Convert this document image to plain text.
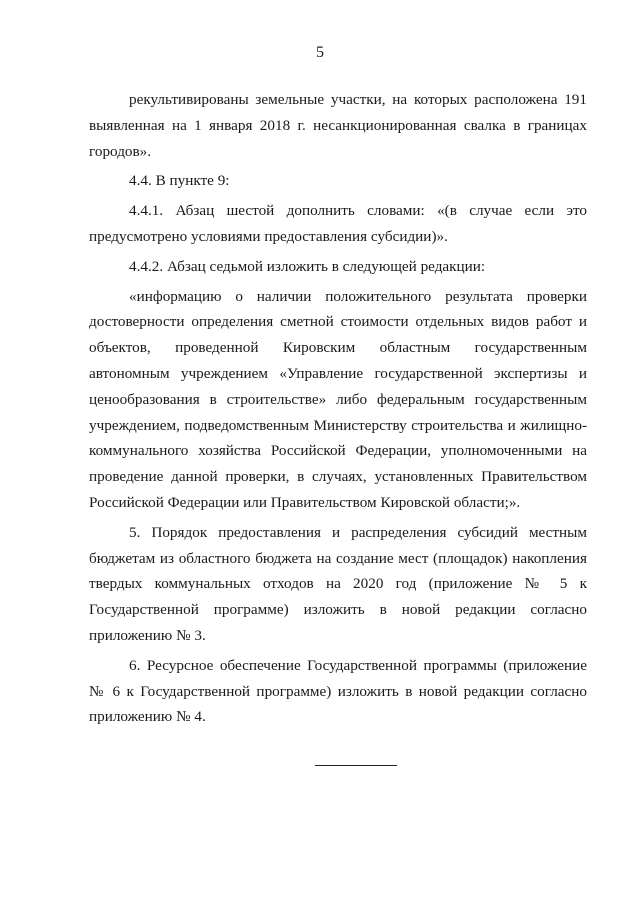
5

рекультивированы земельные участки, на которых расположена 191 выявленная на 1 января 2018 г. несанкционированная свалка в границах городов».

4.4. В пункте 9:

4.4.1. Абзац шестой дополнить словами: «(в случае если это предусмотрено условиями предоставления субсидии)».

4.4.2. Абзац седьмой изложить в следующей редакции:

«информацию о наличии положительного результата проверки достоверности определения сметной стоимости отдельных видов работ и объектов, проведенной Кировским областным государственным автономным учреждением «Управление государственной экспертизы и ценообразования в строительстве» либо федеральным государственным учреждением, подведомственным Министерству строительства и жилищно-коммунального хозяйства Российской Федерации, уполномоченными на проведение данной проверки, в случаях, установленных Правительством Российской Федерации или Правительством Кировской области;».

5. Порядок предоставления и распределения субсидий местным бюджетам из областного бюджета на создание мест (площадок) накопления твердых коммунальных отходов на 2020 год (приложение № 5 к Государственной программе) изложить в новой редакции согласно приложению № 3.

6. Ресурсное обеспечение Государственной программы (приложение № 6 к Государственной программе) изложить в новой редакции согласно приложению № 4.
